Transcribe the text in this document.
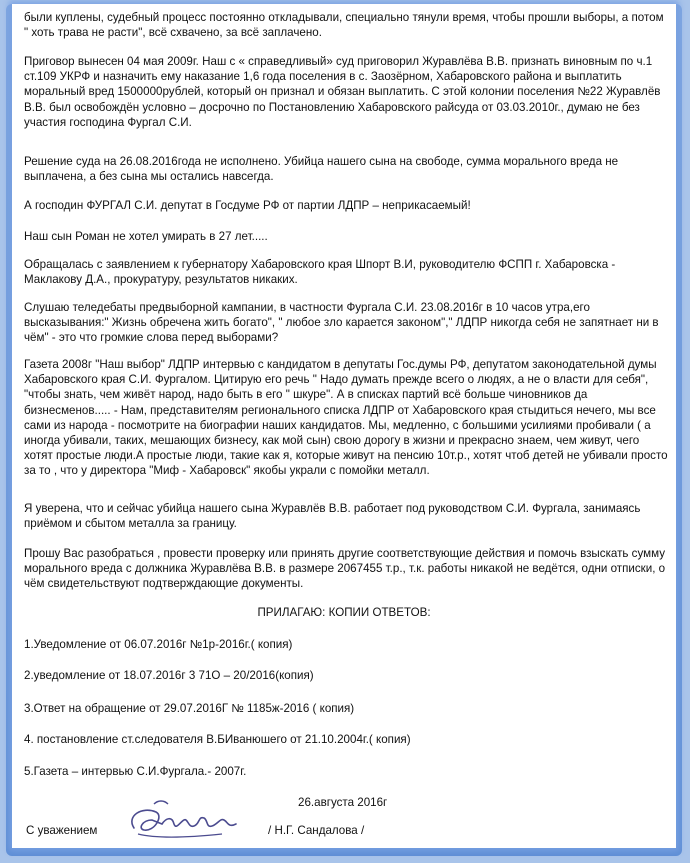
были куплены, судебный процесс постоянно откладывали, специально тянули время, чтобы прошли выборы, а потом " хоть трава не расти", всё схвачено, за всё заплачено.
Приговор вынесен 04 мая 2009г. Наш с « справедливый» суд приговорил Журавлёва В.В. признать виновным по ч.1 ст.109 УКРФ и назначить ему наказание 1,6 года поселения в с. Заозёрном, Хабаровского района и выплатить моральный вред 1500000рублей, который он признал и обязан выплатить. С этой колонии поселения №22 Журавлёв В.В. был освобождён условно – досрочно по Постановлению Хабаровского райсуда от 03.03.2010г., думаю не без участия господина Фургал С.И.
Решение суда на 26.08.2016года не исполнено. Убийца нашего сына на свободе, сумма морального вреда не выплачена, а без сына мы остались навсегда.
А господин ФУРГАЛ С.И. депутат в Госдуме РФ от партии ЛДПР – неприкасаемый!
Наш сын Роман не хотел умирать в 27 лет.....
Обращалась с заявлением к губернатору Хабаровского края Шпорт В.И, руководителю ФСПП г. Хабаровска - Маклакову Д.А., прокуратуру, результатов никаких.
Слушаю теледебаты предвыборной кампании, в частности Фургала С.И. 23.08.2016г в 10 часов утра,его высказывания:" Жизнь обречена жить богато", " любое зло карается законом"," ЛДПР никогда себя не запятнает ни в чём" - это что громкие слова перед выборами?
Газета 2008г "Наш выбор" ЛДПР интервью с кандидатом в депутаты Гос.думы РФ, депутатом законодательной думы Хабаровского края С.И. Фургалом. Цитирую его речь " Надо думать прежде всего о людях, а не о власти для себя", "чтобы знать, чем живёт народ, надо быть в его " шкуре". А в списках партий всё больше чиновников да бизнесменов..... - Нам, представителям регионального списка ЛДПР от Хабаровского края стыдиться нечего, мы все сами из народа - посмотрите на биографии наших кандидатов. Мы, медленно, с большими усилиями пробивали ( а иногда убивали, таких, мешающих бизнесу, как мой сын) свою дорогу в жизни и прекрасно знаем, чем живут, чего хотят простые люди.А простые люди, такие как я, которые живут на пенсию 10т.р., хотят чтоб детей не убивали просто за то , что у директора "Миф - Хабаровск" якобы украли с помойки металл.
Я уверена, что и сейчас убийца нашего сына Журавлёв В.В. работает под руководством С.И. Фургала, занимаясь приёмом и сбытом металла за границу.
Прошу Вас разобраться , провести проверку или принять другие соответствующие действия и помочь взыскать сумму морального вреда с должника Журавлёва В.В. в размере 2067455 т.р., т.к. работы никакой не ведётся, одни отписки, о чём свидетельствуют подтверждающие документы.
ПРИЛАГАЮ: КОПИИ ОТВЕТОВ:
1.Уведомление от 06.07.2016г №1р-2016г.( копия)
2.уведомление от 18.07.2016г 3 71О – 20/2016(копия)
3.Ответ на обращение от 29.07.2016Г № 1185ж-2016 ( копия)
4. постановление ст.следователя В.БИванюшего от 21.10.2004г.( копия)
5.Газета – интервью С.И.Фургала.- 2007г.
26.августа 2016г
С уважением	/ Н.Г. Сандалова /
